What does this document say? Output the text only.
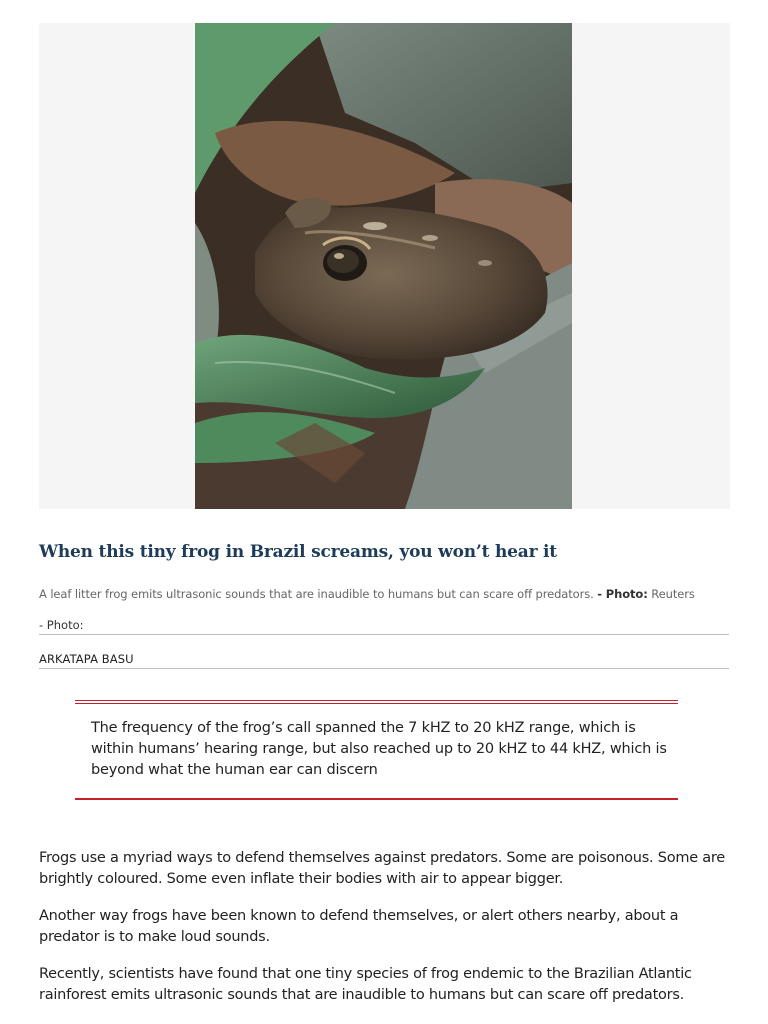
When this tiny frog in Brazil screams, you won’t hear it

A leaf litter frog emits ultrasonic sounds that are inaudible to humans but can scare off predators. - Photo: Reuters

- Photo:

ARKATAPA BASU

The frequency of the frog’s call spanned the 7 kHZ to 20 kHZ range, which is within humans’ hearing range, but also reached up to 20 kHZ to 44 kHZ, which is beyond what the human ear can discern

Frogs use a myriad ways to defend themselves against predators. Some are poisonous. Some are brightly coloured. Some even inflate their bodies with air to appear bigger.

Another way frogs have been known to defend themselves, or alert others nearby, about a predator is to make loud sounds.

Recently, scientists have found that one tiny species of frog endemic to the Brazilian Atlantic rainforest emits ultrasonic sounds that are inaudible to humans but can scare off predators.
